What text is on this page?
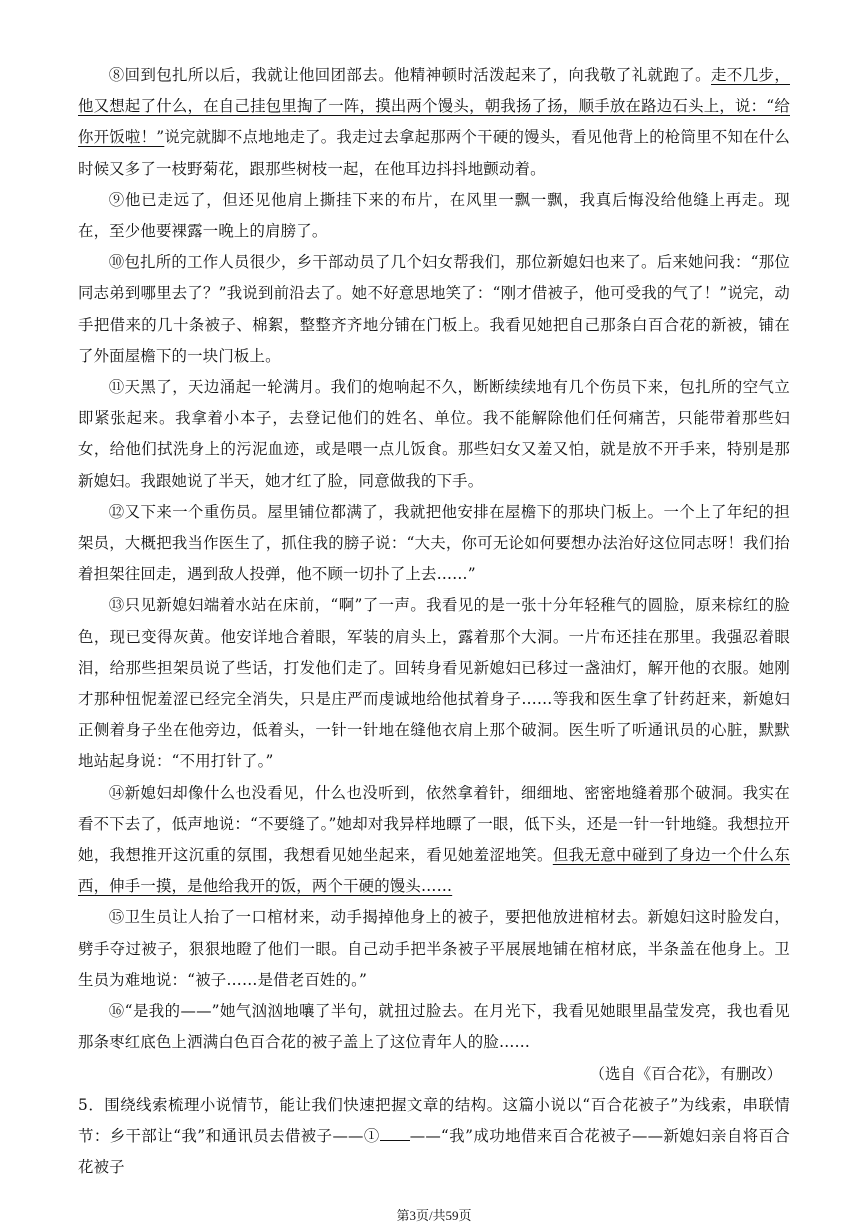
⑧回到包扎所以后，我就让他回团部去。他精神顿时活泼起来了，向我敬了礼就跑了。走不几步，他又想起了什么，在自己挂包里掏了一阵，摸出两个馒头，朝我扬了扬，顺手放在路边石头上，说：“给你开饭啦！”说完就脚不点地地走了。我走过去拿起那两个干硬的馒头，看见他背上的枪筒里不知在什么时候又多了一枝野菊花，跟那些树枝一起，在他耳边抖抖地颤动着。

⑨他已走远了，但还见他肩上撕挂下来的布片，在风里一飘一飘，我真后悔没给他缝上再走。现在，至少他要裸露一晚上的肩膀了。

⑩包扎所的工作人员很少，乡干部动员了几个妇女帮我们，那位新媳妇也来了。后来她问我：“那位同志弟到哪里去了？”我说到前沿去了。她不好意思地笑了：“刚才借被子，他可受我的气了！”说完，动手把借来的几十条被子、棉絮，整整齐齐地分铺在门板上。我看见她把自己那条白百合花的新被，铺在了外面屋檐下的一块门板上。

⑪天黑了，天边涌起一轮满月。我们的炮响起不久，断断续续地有几个伤员下来，包扎所的空气立即紧张起来。我拿着小本子，去登记他们的姓名、单位。我不能解除他们任何痛苦，只能带着那些妇女，给他们拭洗身上的污泥血迹，或是喂一点儿饭食。那些妇女又羞又怕，就是放不开手来，特别是那新媳妇。我跟她说了半天，她才红了脸，同意做我的下手。

⑫又下来一个重伤员。屋里铺位都满了，我就把他安排在屋檐下的那块门板上。一个上了年纪的担架员，大概把我当作医生了，抓住我的膀子说：“大夫，你可无论如何要想办法治好这位同志呀！我们抬着担架往回走，遇到敌人投弹，他不顾一切扑了上去……”

⑬只见新媳妇端着水站在床前，“啊”了一声。我看见的是一张十分年轻稚气的圆脸，原来棕红的脸色，现已变得灰黄。他安详地合着眼，军装的肩头上，露着那个大洞。一片布还挂在那里。我强忍着眼泪，给那些担架员说了些话，打发他们走了。回转身看见新媳妇已移过一盏油灯，解开他的衣服。她刚才那种忸怩羞涩已经完全消失，只是庄严而虔诚地给他拭着身子……等我和医生拿了针药赶来，新媳妇正侧着身子坐在他旁边，低着头，一针一针地在缝他衣肩上那个破洞。医生听了听通讯员的心脏，默默地站起身说：“不用打针了。”

⑭新媳妇却像什么也没看见，什么也没听到，依然拿着针，细细地、密密地缝着那个破洞。我实在看不下去了，低声地说：“不要缝了。”她却对我异样地瞟了一眼，低下头，还是一针一针地缝。我想拉开她，我想推开这沉重的氛围，我想看见她坐起来，看见她羞涩地笑。但我无意中碰到了身边一个什么东西，伸手一摸，是他给我开的饭，两个干硬的馒头……

⑮卫生员让人抬了一口棺材来，动手揭掉他身上的被子，要把他放进棺材去。新媳妇这时脸发白，劈手夺过被子，狠狠地瞪了他们一眼。自己动手把半条被子平展展地铺在棺材底，半条盖在他身上。卫生员为难地说：“被子……是借老百姓的。”

⑯“是我的——”她气汹汹地嚷了半句，就扭过脸去。在月光下，我看见她眼里晶莹发亮，我也看见那条枣红底色上洒满白色百合花的被子盖上了这位青年人的脸……

（选自《百合花》，有删改）

5．围绕线索梳理小说情节，能让我们快速把握文章的结构。这篇小说以“百合花被子”为线索，串联情节：乡干部让“我”和通讯员去借被子——① ——“我”成功地借来百合花被子——新媳妇亲自将百合花被子

第3页/共59页
